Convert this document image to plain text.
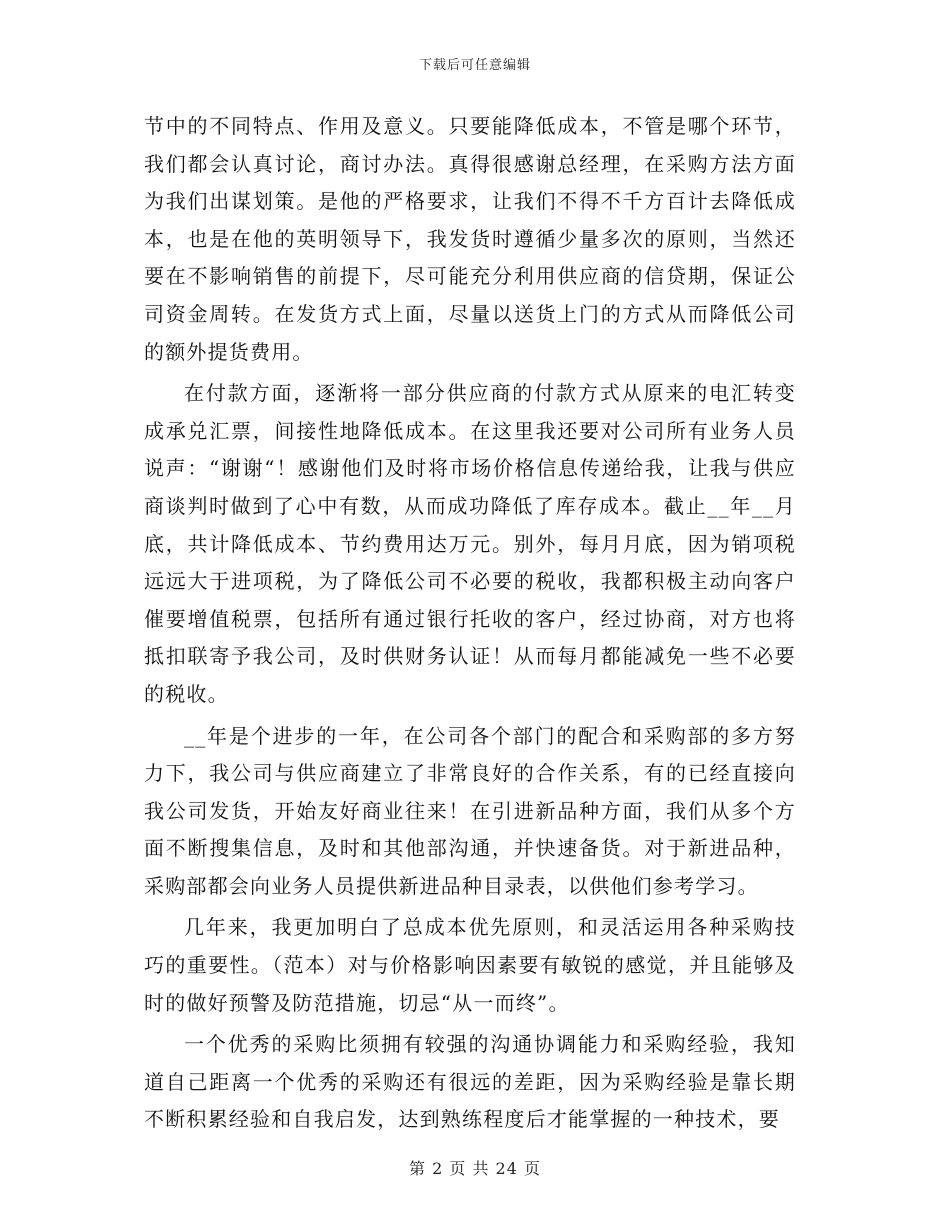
下载后可任意编辑

节中的不同特点、作用及意义。只要能降低成本，不管是哪个环节，我们都会认真讨论，商讨办法。真得很感谢总经理，在采购方法方面为我们出谋划策。是他的严格要求，让我们不得不千方百计去降低成本，也是在他的英明领导下，我发货时遵循少量多次的原则，当然还要在不影响销售的前提下，尽可能充分利用供应商的信贷期，保证公司资金周转。在发货方式上面，尽量以送货上门的方式从而降低公司的额外提货费用。

在付款方面，逐渐将一部分供应商的付款方式从原来的电汇转变成承兑汇票，间接性地降低成本。在这里我还要对公司所有业务人员说声：“谢谢“！感谢他们及时将市场价格信息传递给我，让我与供应商谈判时做到了心中有数，从而成功降低了库存成本。截止__年__月底，共计降低成本、节约费用达万元。别外，每月月底，因为销项税远远大于进项税，为了降低公司不必要的税收，我都积极主动向客户催要增值税票，包括所有通过银行托收的客户，经过协商，对方也将抵扣联寄予我公司，及时供财务认证！从而每月都能减免一些不必要的税收。

__年是个进步的一年，在公司各个部门的配合和采购部的多方努力下，我公司与供应商建立了非常良好的合作关系，有的已经直接向我公司发货，开始友好商业往来！在引进新品种方面，我们从多个方面不断搜集信息，及时和其他部沟通，并快速备货。对于新进品种，采购部都会向业务人员提供新进品种目录表，以供他们参考学习。

几年来，我更加明白了总成本优先原则，和灵活运用各种采购技巧的重要性。（范本）对与价格影响因素要有敏锐的感觉，并且能够及时的做好预警及防范措施，切忌“从一而终”。

一个优秀的采购比须拥有较强的沟通协调能力和采购经验，我知道自己距离一个优秀的采购还有很远的差距，因为采购经验是靠长期不断积累经验和自我启发，达到熟练程度后才能掌握的一种技术，要

第 2 页 共 24 页
